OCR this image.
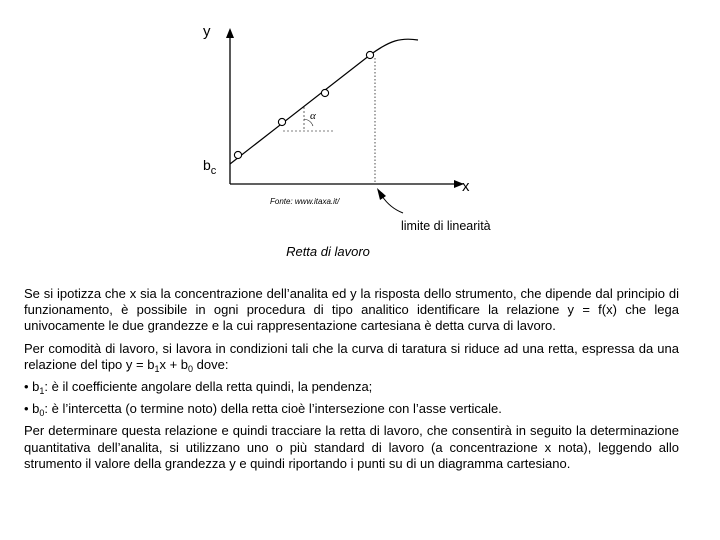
y
x
$b_c$
α
Fonte: www.itaxa.it/
limite di linearità
Retta di lavoro

Se si ipotizza che x sia la concentrazione dell’analita ed y la risposta dello strumento, che dipende dal principio di funzionamento, è possibile in ogni procedura di tipo analitico identificare la relazione y = f(x) che lega univocamente le due grandezze e la cui rappresentazione cartesiana è detta curva di lavoro.

Per comodità di lavoro, si lavora in condizioni tali che la curva di taratura si riduce ad una retta, espressa da una relazione del tipo $y = b_1x + b_0$ dove:

• $b_1$: è il coefficiente angolare della retta quindi, la pendenza;

• $b_0$: è l’intercetta (o termine noto) della retta cioè l’intersezione con l’asse verticale.

Per determinare questa relazione e quindi tracciare la retta di lavoro, che consentirà in seguito la determinazione quantitativa dell’analita, si utilizzano uno o più standard di lavoro (a concentrazione x nota), leggendo allo strumento il valore della grandezza y e quindi riportando i punti su di un diagramma cartesiano.
